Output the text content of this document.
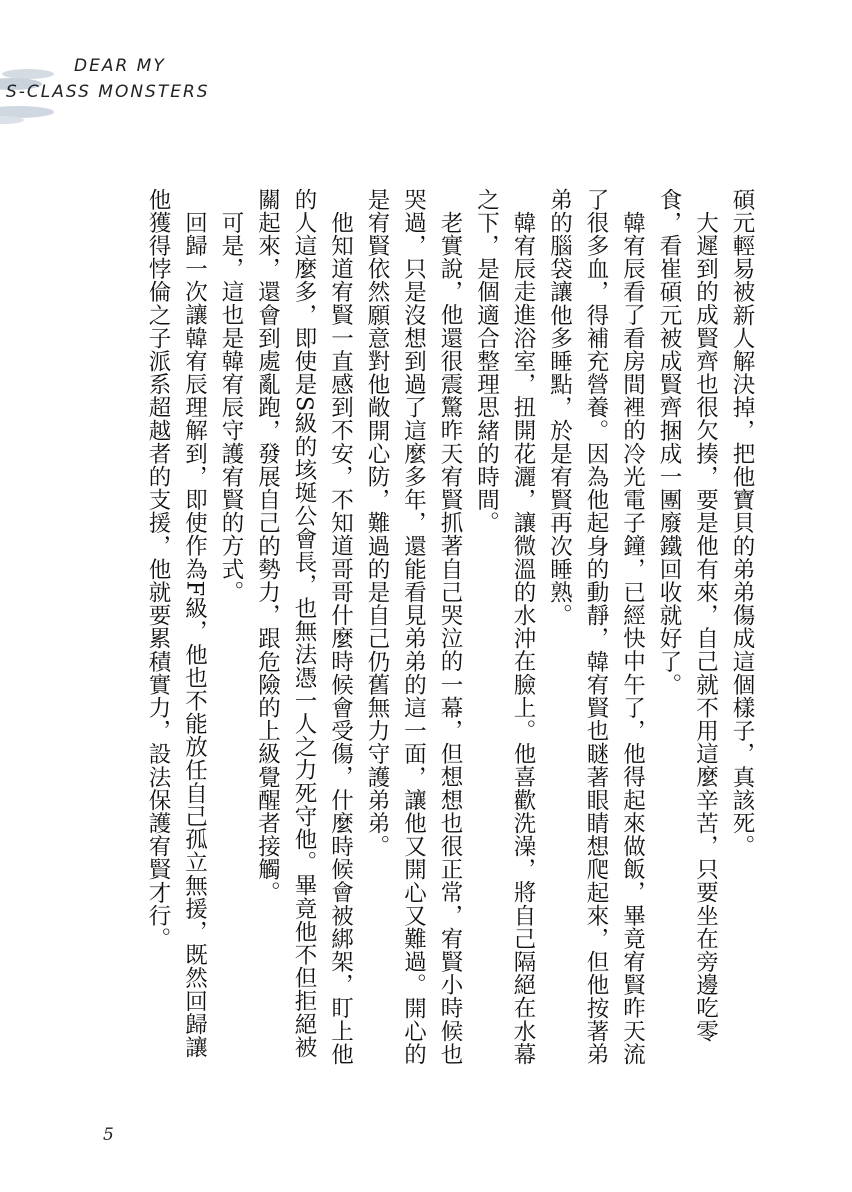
DEAR MY
S-CLASS MONSTERS

碩元輕易被新人解決掉，把他寶貝的弟弟傷成這個樣子，真該死。

大遲到的成賢齊也很欠揍，要是他有來，自己就不用這麼辛苦，只要坐在旁邊吃零食，看崔碩元被成賢齊捆成一團廢鐵回收就好了。

韓宥辰看了看房間裡的冷光電子鐘，已經快中午了，他得起來做飯，畢竟宥賢昨天流了很多血，得補充營養。因為他起身的動靜，韓宥賢也瞇著眼睛想爬起來，但他按著弟弟的腦袋讓他多睡點，於是宥賢再次睡熟。

韓宥辰走進浴室，扭開花灑，讓微溫的水沖在臉上。他喜歡洗澡，將自己隔絕在水幕之下，是個適合整理思緒的時間。

老實說，他還很震驚昨天宥賢抓著自己哭泣的一幕，但想想也很正常，宥賢小時候也哭過，只是沒想到過了這麼多年，還能看見弟弟的這一面，讓他又開心又難過。開心的是宥賢依然願意對他敞開心防，難過的是自己仍舊無力守護弟弟。

他知道宥賢一直感到不安，不知道哥哥什麼時候會受傷，什麼時候會被綁架，盯上他的人這麼多，即使是S級的垓埏公會長，也無法憑一人之力死守他。畢竟他不但拒絕被關起來，還會到處亂跑，發展自己的勢力，跟危險的上級覺醒者接觸。

可是，這也是韓宥辰守護宥賢的方式。

回歸一次讓韓宥辰理解到，即使作為F級，他也不能放任自己孤立無援，既然回歸讓他獲得悖倫之子派系超越者的支援，他就要累積實力，設法保護宥賢才行。

5
